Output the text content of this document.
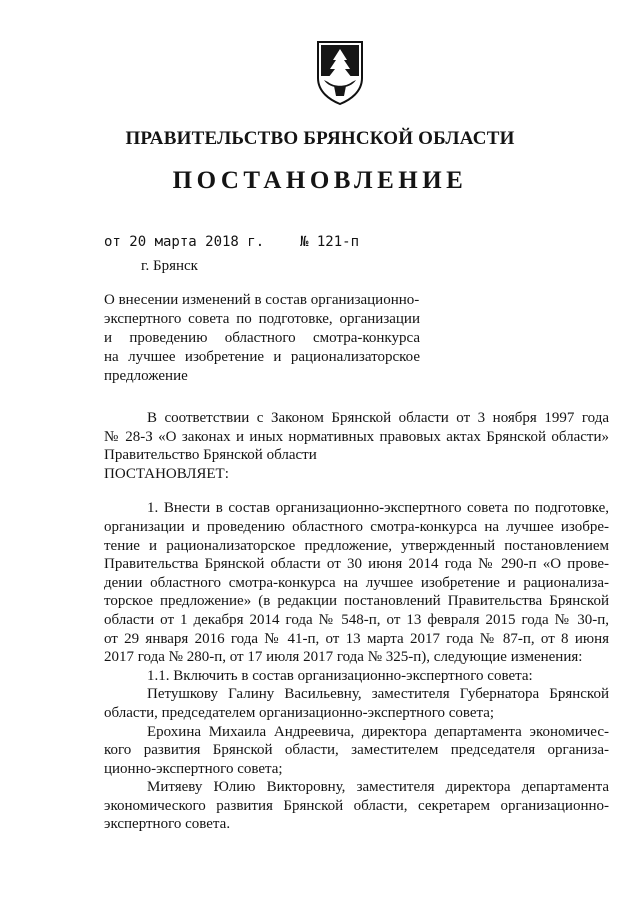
ПРАВИТЕЛЬСТВО БРЯНСКОЙ ОБЛАСТИ
ПОСТАНОВЛЕНИЕ
от 20 марта 2018 г.	№ 121-п
г. Брянск
О внесении изменений в состав организационно-
экспертного совета по подготовке, организации
и проведению областного смотра-конкурса
на лучшее изобретение и рационализаторское
предложение
В соответствии с Законом Брянской области от 3 ноября 1997 года
№ 28-З «О законах и иных нормативных правовых актах Брянской области»
Правительство Брянской области
ПОСТАНОВЛЯЕТ:
1. Внести в состав организационно-экспертного совета по подготовке,
организации и проведению областного смотра-конкурса на лучшее изобре-
тение и рационализаторское предложение, утвержденный постановлением
Правительства Брянской области от 30 июня 2014 года № 290-п «О прове-
дении областного смотра-конкурса на лучшее изобретение и рационализа-
торское предложение» (в редакции постановлений Правительства Брянской
области от 1 декабря 2014 года № 548-п, от 13 февраля 2015 года № 30-п,
от 29 января 2016 года № 41-п, от 13 марта 2017 года № 87-п, от 8 июня
2017 года № 280-п, от 17 июля 2017 года № 325-п), следующие изменения:
1.1. Включить в состав организационно-экспертного совета:
Петушкову Галину Васильевну, заместителя Губернатора Брянской
области, председателем организационно-экспертного совета;
Ерохина Михаила Андреевича, директора департамента экономичес-
кого развития Брянской области, заместителем председателя организа-
ционно-экспертного совета;
Митяеву Юлию Викторовну, заместителя директора департамента
экономического развития Брянской области, секретарем организационно-
экспертного совета.
